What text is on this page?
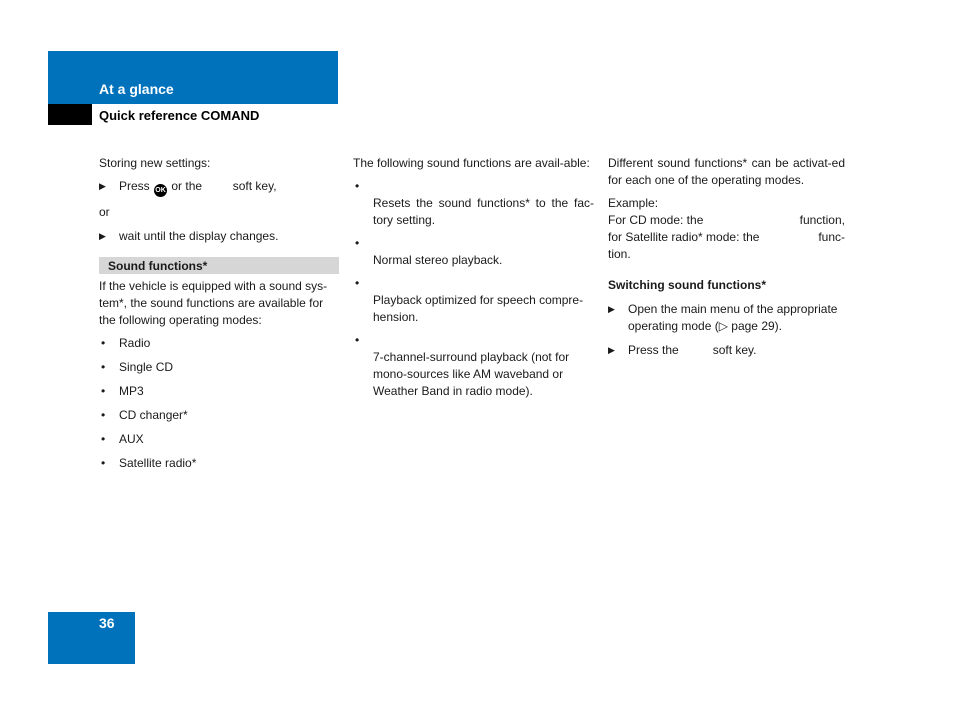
At a glance
Quick reference COMAND

Storing new settings:

▶ Press OK or the	soft key,

or

▶ wait until the display changes.
Sound functions*

If the vehicle is equipped with a sound sys-tem*, the sound functions are available for the following operating modes:

• Radio
• Single CD
• MP3
• CD changer*
• AUX
• Satellite radio*

The following sound functions are avail-able:

•

Resets the sound functions* to the fac-tory setting.

•

Normal stereo playback.

•

Playback optimized for speech compre-hension.

•

7-channel-surround playback (not for mono-sources like AM waveband or Weather Band in radio mode).

Different sound functions* can be activat-ed for each one of the operating modes.

Example:

For CD mode: the	function,
for Satellite radio* mode: the	func-

tion.

Switching sound functions*

▶ Open the main menu of the appropriate operating mode (▷ page 29).
▶ Press the	soft key.
36
